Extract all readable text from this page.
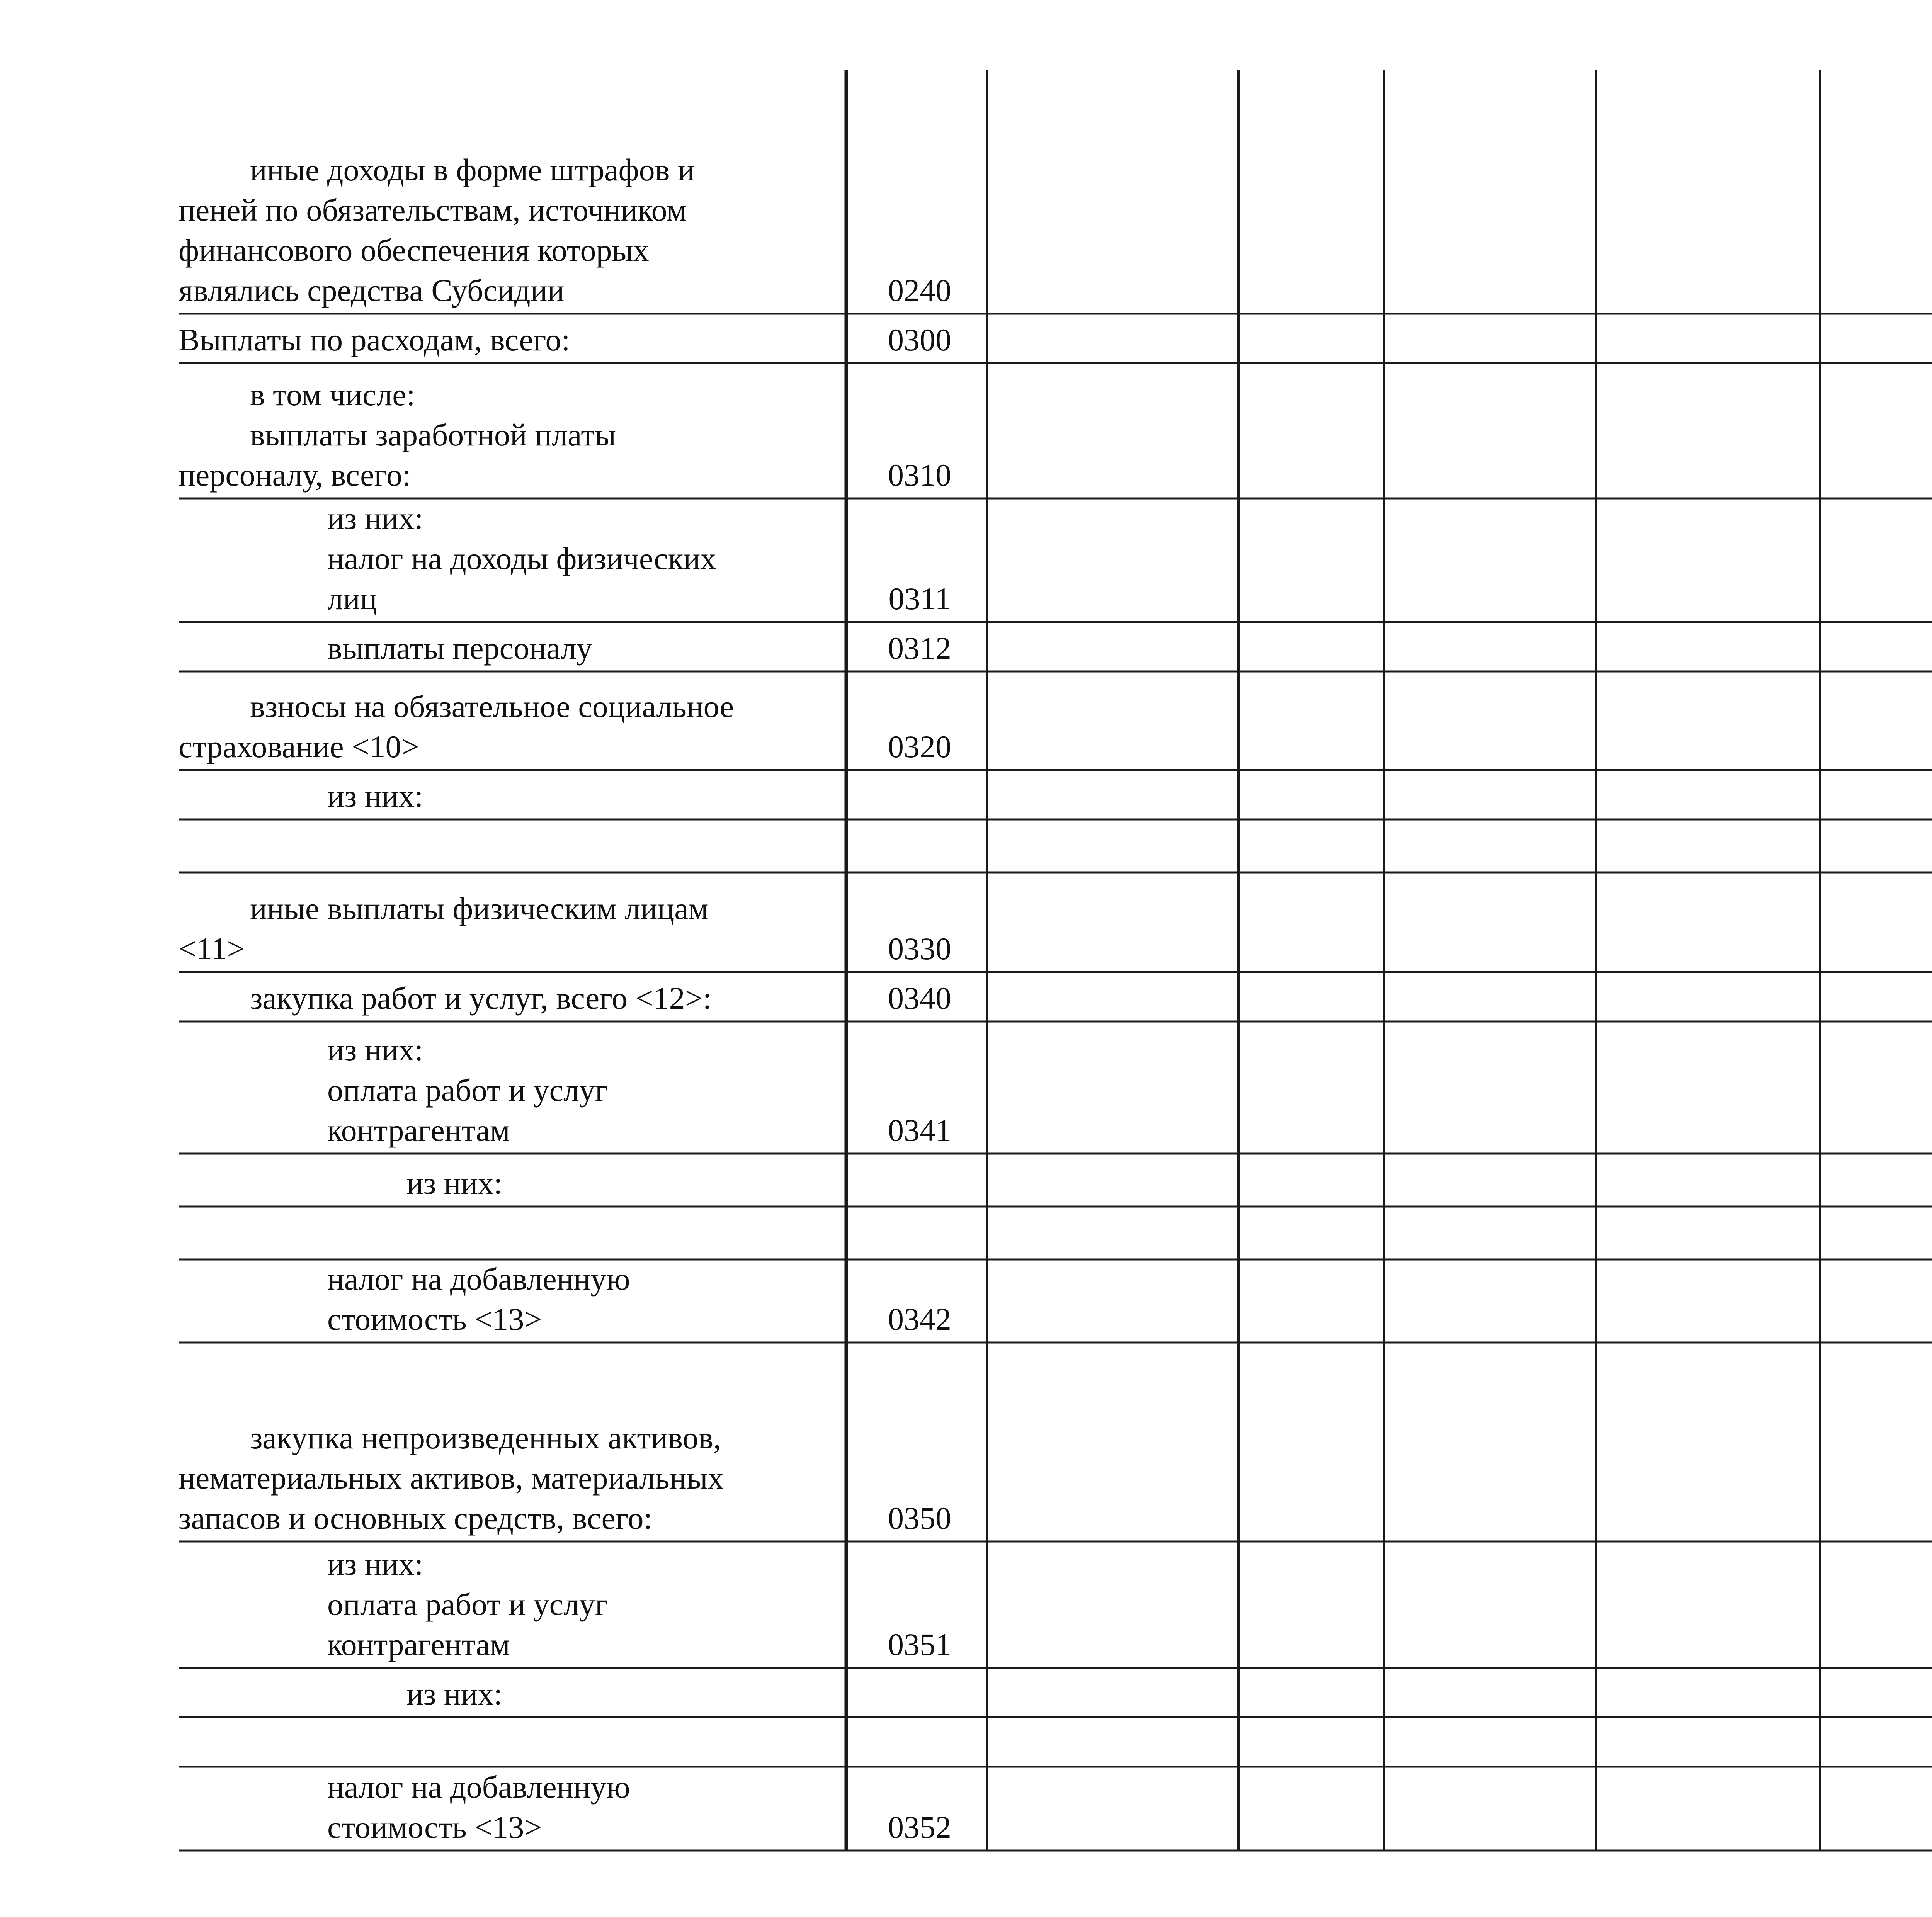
иные доходы в форме штрафов и
пеней по обязательствам, источником
финансового обеспечения которых
являлись средства Субсидии	0240
Выплаты по расходам, всего:	0300
в том числе:
выплаты заработной платы
персоналу, всего:	0310
из них:
налог на доходы физических
лиц	0311
выплаты персоналу	0312
взносы на обязательное социальное
страхование <10>	0320
из них:
иные выплаты физическим лицам
<11>	0330
закупка работ и услуг, всего <12>:	0340
из них:
оплата работ и услуг
контрагентам	0341
из них:
налог на добавленную
стоимость <13>	0342
закупка непроизведенных активов,
нематериальных активов, материальных
запасов и основных средств, всего:	0350
из них:
оплата работ и услуг
контрагентам	0351
из них:
налог на добавленную
стоимость <13>	0352
